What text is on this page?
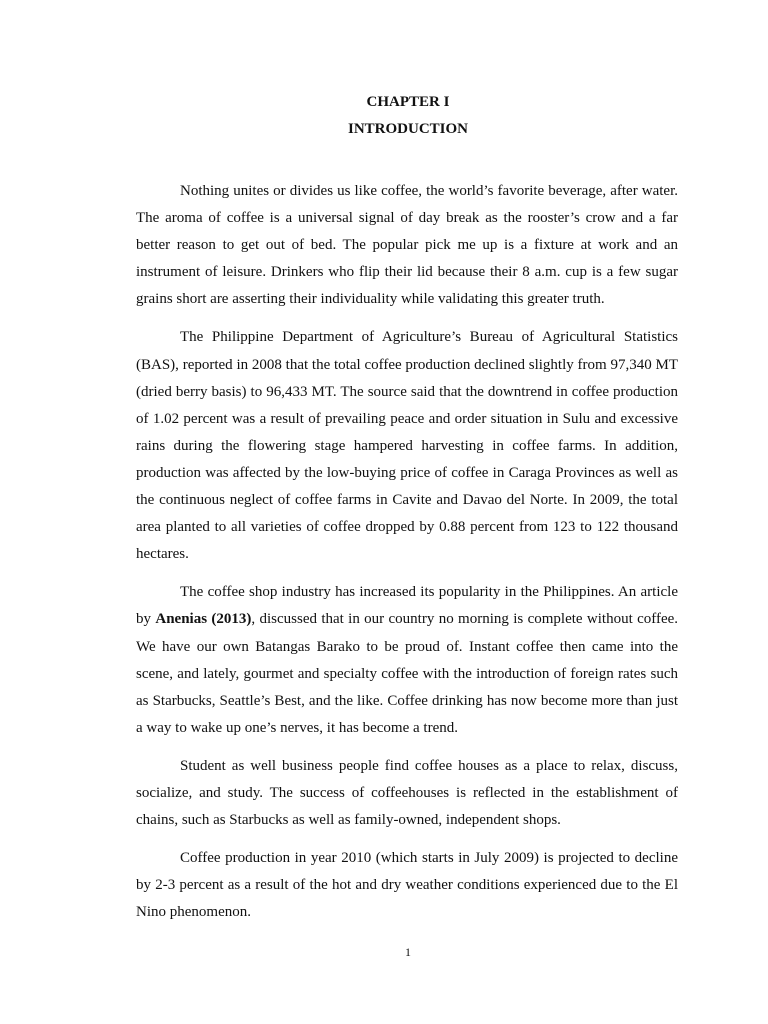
CHAPTER I

INTRODUCTION

Nothing unites or divides us like coffee, the world’s favorite beverage, after water. The aroma of coffee is a universal signal of day break as the rooster’s crow and a far better reason to get out of bed. The popular pick me up is a fixture at work and an instrument of leisure. Drinkers who flip their lid because their 8 a.m. cup is a few sugar grains short are asserting their individuality while validating this greater truth.

The Philippine Department of Agriculture’s Bureau of Agricultural Statistics (BAS), reported in 2008 that the total coffee production declined slightly from 97,340 MT (dried berry basis) to 96,433 MT. The source said that the downtrend in coffee production of 1.02 percent was a result of prevailing peace and order situation in Sulu and excessive rains during the flowering stage hampered harvesting in coffee farms. In addition, production was affected by the low-buying price of coffee in Caraga Provinces as well as the continuous neglect of coffee farms in Cavite and Davao del Norte. In 2009, the total area planted to all varieties of coffee dropped by 0.88 percent from 123 to 122 thousand hectares.

The coffee shop industry has increased its popularity in the Philippines. An article by Anenias (2013), discussed that in our country no morning is complete without coffee. We have our own Batangas Barako to be proud of. Instant coffee then came into the scene, and lately, gourmet and specialty coffee with the introduction of foreign rates such as Starbucks, Seattle’s Best, and the like. Coffee drinking has now become more than just a way to wake up one’s nerves, it has become a trend.

Student as well business people find coffee houses as a place to relax, discuss, socialize, and study. The success of coffeehouses is reflected in the establishment of chains, such as Starbucks as well as family-owned, independent shops.

Coffee production in year 2010 (which starts in July 2009) is projected to decline by 2-3 percent as a result of the hot and dry weather conditions experienced due to the El Nino phenomenon.

1
